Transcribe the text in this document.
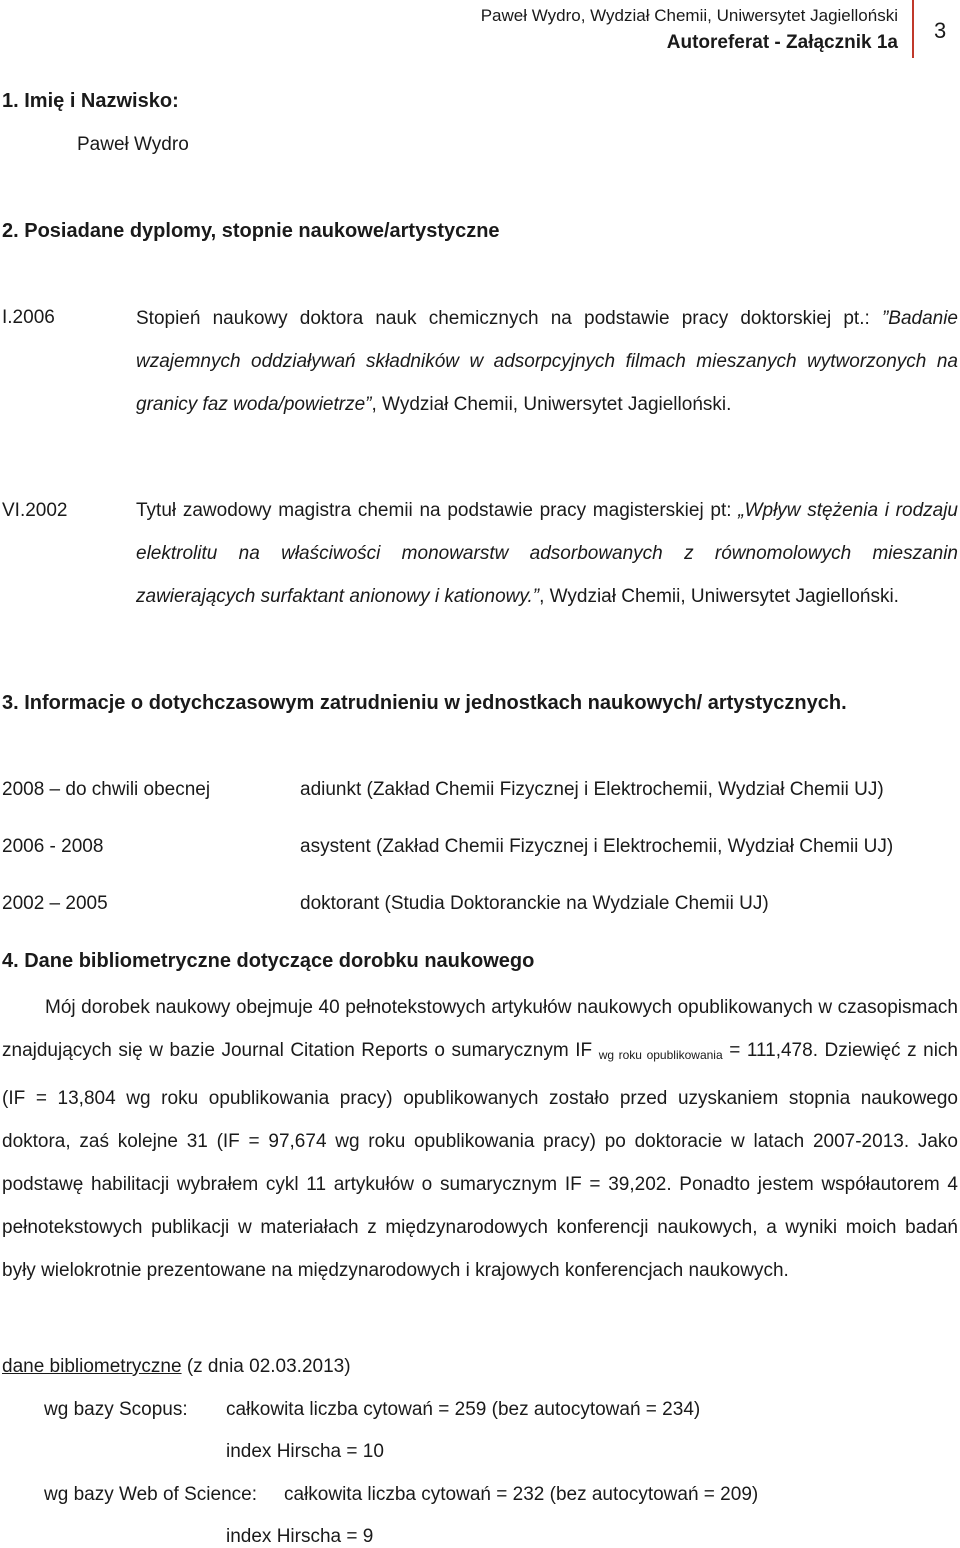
Paweł Wydro, Wydział Chemii, Uniwersytet Jagielloński
Autoreferat - Załącznik 1a 3
1. Imię i Nazwisko:
Paweł Wydro
2. Posiadane dyplomy, stopnie naukowe/artystyczne
I.2006	Stopień naukowy doktora nauk chemicznych na podstawie pracy doktorskiej pt.: ”Badanie wzajemnych oddziaływań składników w adsorpcyjnych filmach mieszanych wytworzonych na granicy faz woda/powietrze”, Wydział Chemii, Uniwersytet Jagielloński.
VI.2002	Tytuł zawodowy magistra chemii na podstawie pracy magisterskiej pt: „Wpływ stężenia i rodzaju elektrolitu na właściwości monowarstw adsorbowanych z równomolowych mieszanin zawierających surfaktant anionowy i kationowy.”, Wydział Chemii, Uniwersytet Jagielloński.
3. Informacje o dotychczasowym zatrudnieniu w jednostkach naukowych/ artystycznych.
2008 – do chwili obecnej	adiunkt (Zakład Chemii Fizycznej i Elektrochemii, Wydział Chemii UJ)
2006 - 2008	asystent (Zakład Chemii Fizycznej i Elektrochemii, Wydział Chemii UJ)
2002 – 2005	doktorant (Studia Doktoranckie na Wydziale Chemii UJ)
4. Dane bibliometryczne dotyczące dorobku naukowego
Mój dorobek naukowy obejmuje 40 pełnotekstowych artykułów naukowych opublikowanych w czasopismach znajdujących się w bazie Journal Citation Reports o sumarycznym IF wg roku opublikowania = 111,478. Dziewięć z nich (IF = 13,804 wg roku opublikowania pracy) opublikowanych zostało przed uzyskaniem stopnia naukowego doktora, zaś kolejne 31 (IF = 97,674 wg roku opublikowania pracy) po doktoracie w latach 2007-2013. Jako podstawę habilitacji wybrałem cykl 11 artykułów o sumarycznym IF = 39,202. Ponadto jestem współautorem 4 pełnotekstowych publikacji w materiałach z międzynarodowych konferencji naukowych, a wyniki moich badań były wielokrotnie prezentowane na międzynarodowych i krajowych konferencjach naukowych.
dane bibliometryczne (z dnia 02.03.2013)
wg bazy Scopus: całkowita liczba cytowań = 259 (bez autocytowań = 234)
index Hirscha = 10
wg bazy Web of Science: całkowita liczba cytowań = 232 (bez autocytowań = 209)
index Hirscha = 9
